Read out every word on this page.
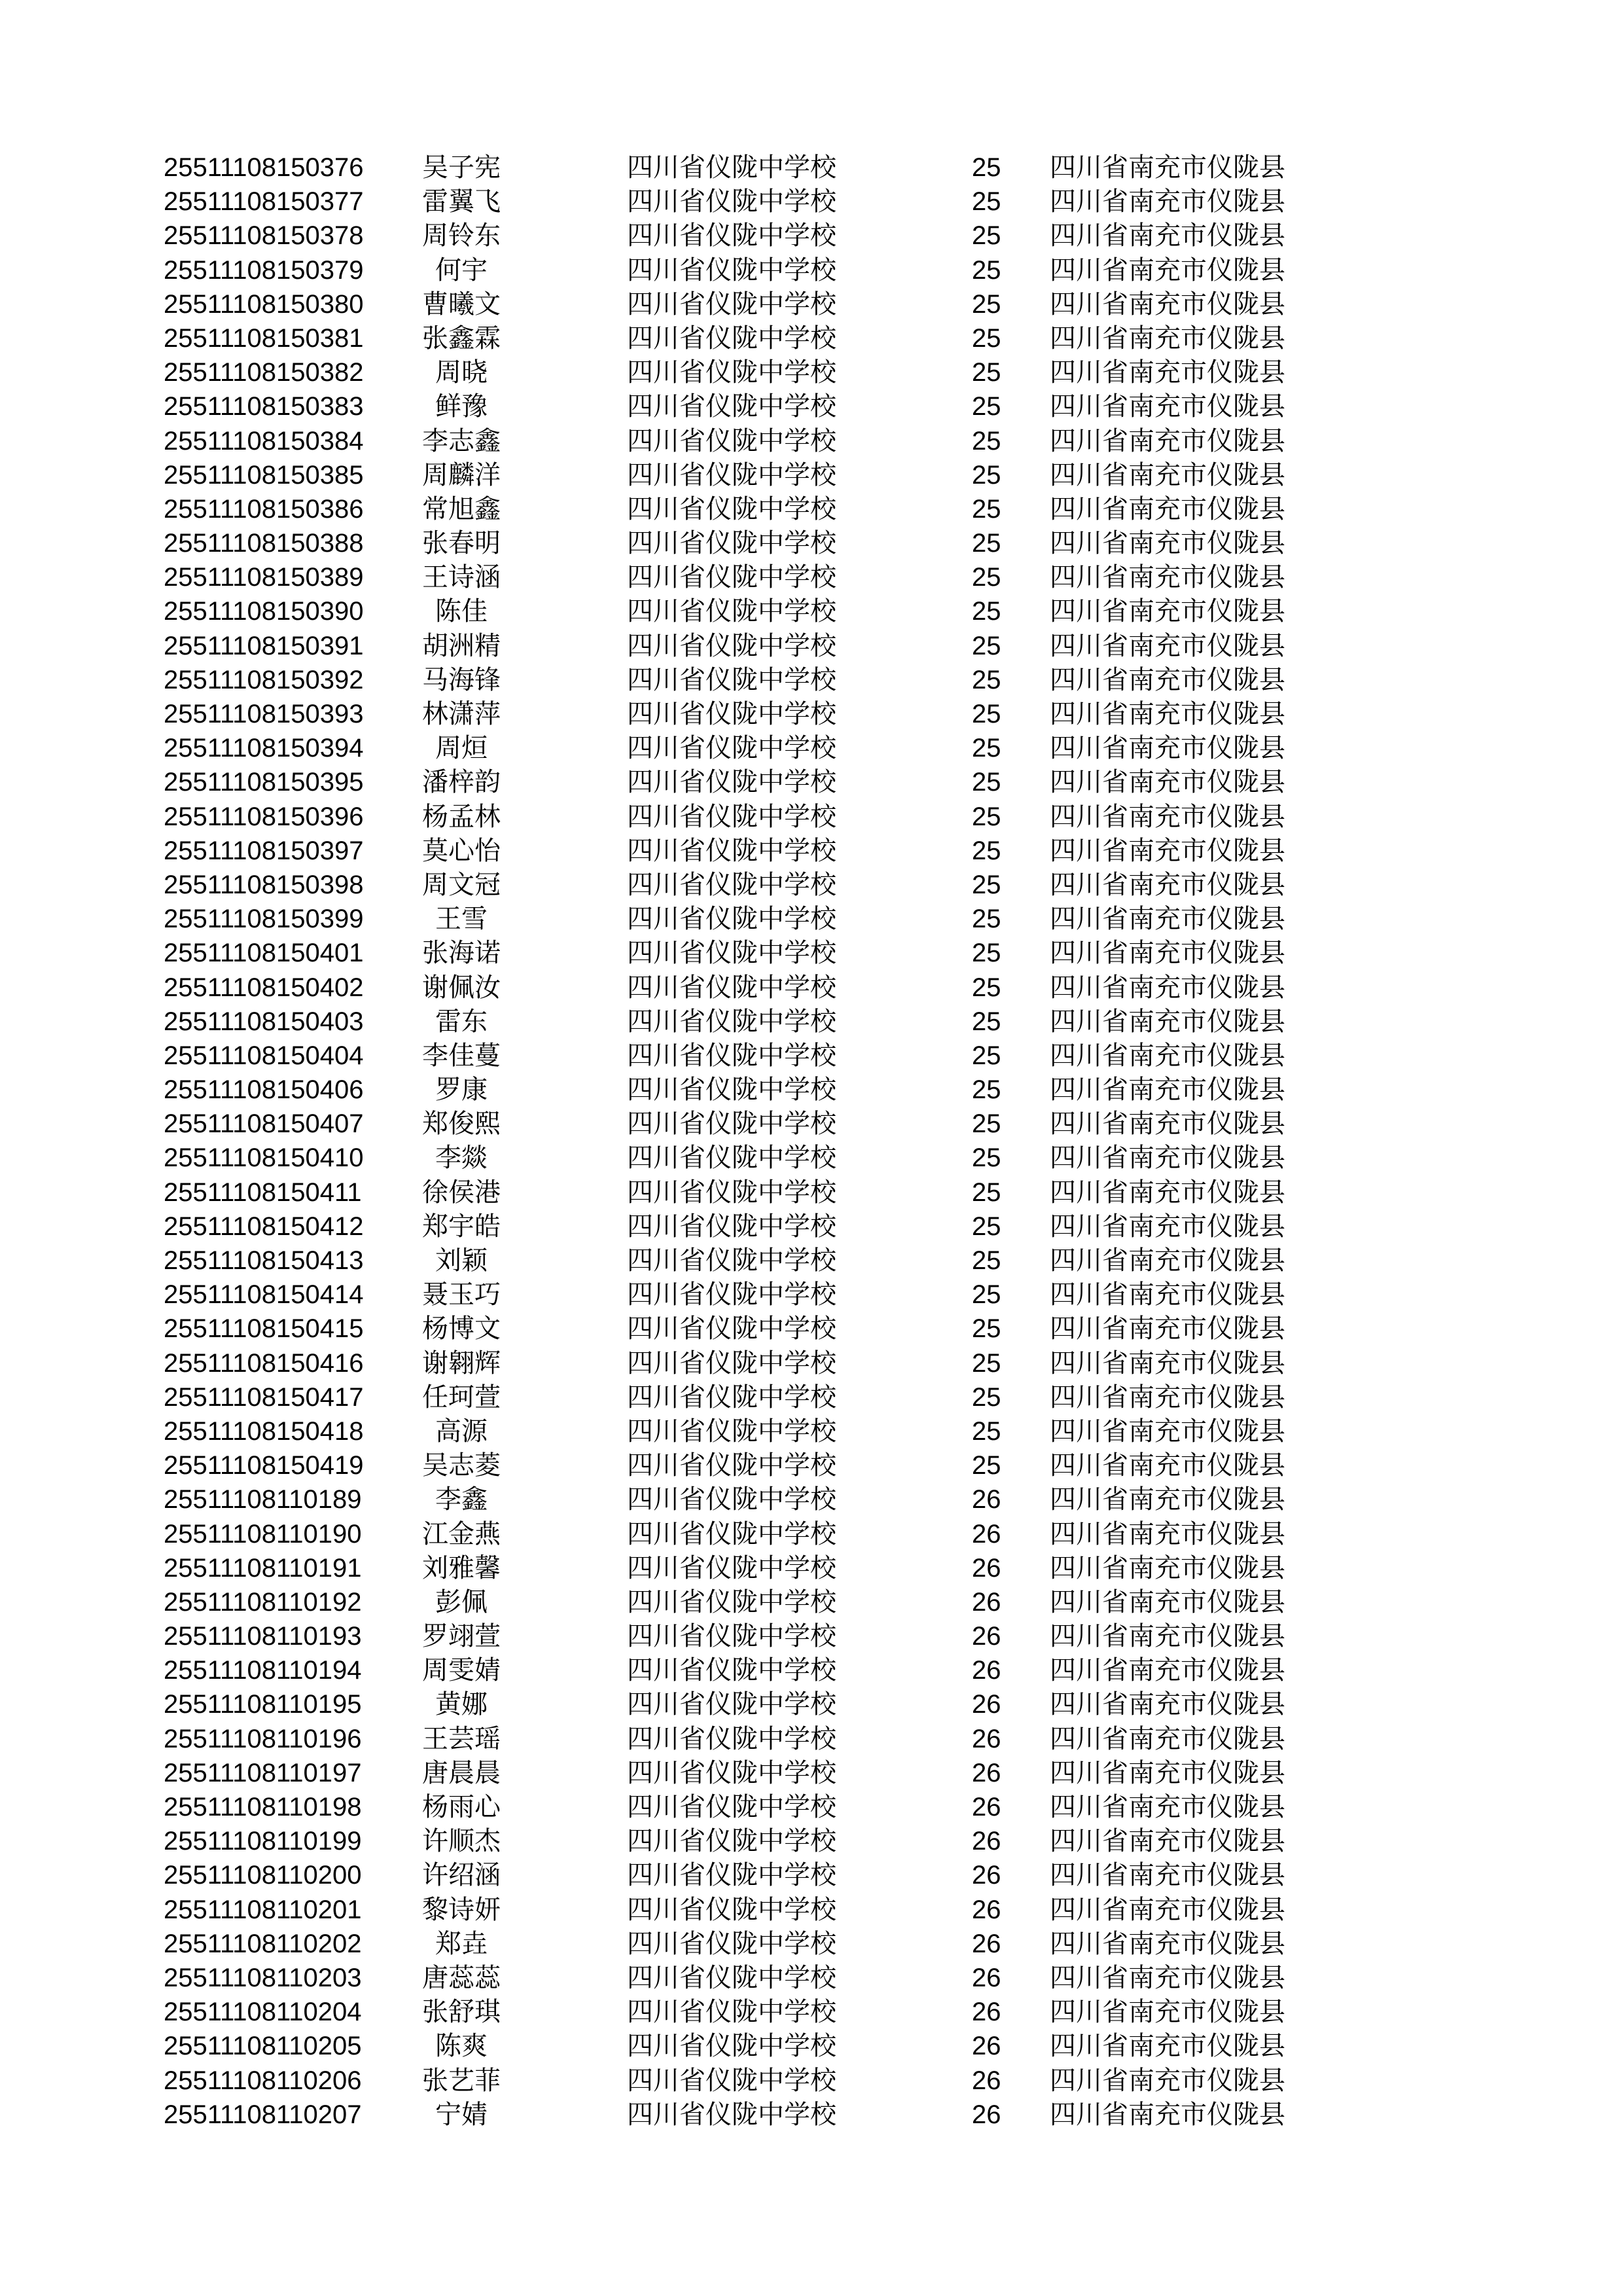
25511108150376 吴子宪	四川省仪陇中学校	25 四川省南充市仪陇县
25511108150377 雷翼飞	四川省仪陇中学校	25 四川省南充市仪陇县
25511108150378 周铃东	四川省仪陇中学校	25 四川省南充市仪陇县
25511108150379	何宇	四川省仪陇中学校	25 四川省南充市仪陇县
25511108150380 曹曦文	四川省仪陇中学校	25 四川省南充市仪陇县
25511108150381 张鑫霖	四川省仪陇中学校	25 四川省南充市仪陇县
25511108150382	周晓	四川省仪陇中学校	25 四川省南充市仪陇县
25511108150383	鲜豫	四川省仪陇中学校	25 四川省南充市仪陇县
25511108150384 李志鑫	四川省仪陇中学校	25 四川省南充市仪陇县
25511108150385 周麟洋	四川省仪陇中学校	25 四川省南充市仪陇县
25511108150386 常旭鑫	四川省仪陇中学校	25 四川省南充市仪陇县
25511108150388 张春明	四川省仪陇中学校	25 四川省南充市仪陇县
25511108150389 王诗涵	四川省仪陇中学校	25 四川省南充市仪陇县
25511108150390	陈佳	四川省仪陇中学校	25 四川省南充市仪陇县
25511108150391 胡洲精	四川省仪陇中学校	25 四川省南充市仪陇县
25511108150392 马海锋	四川省仪陇中学校	25 四川省南充市仪陇县
25511108150393 林潇萍	四川省仪陇中学校	25 四川省南充市仪陇县
25511108150394	周烜	四川省仪陇中学校	25 四川省南充市仪陇县
25511108150395 潘梓韵	四川省仪陇中学校	25 四川省南充市仪陇县
25511108150396 杨孟林	四川省仪陇中学校	25 四川省南充市仪陇县
25511108150397 莫心怡	四川省仪陇中学校	25 四川省南充市仪陇县
25511108150398 周文冠	四川省仪陇中学校	25 四川省南充市仪陇县
25511108150399	王雪	四川省仪陇中学校	25 四川省南充市仪陇县
25511108150401 张海诺	四川省仪陇中学校	25 四川省南充市仪陇县
25511108150402 谢佩汝	四川省仪陇中学校	25 四川省南充市仪陇县
25511108150403	雷东	四川省仪陇中学校	25 四川省南充市仪陇县
25511108150404 李佳蔓	四川省仪陇中学校	25 四川省南充市仪陇县
25511108150406	罗康	四川省仪陇中学校	25 四川省南充市仪陇县
25511108150407 郑俊熙	四川省仪陇中学校	25 四川省南充市仪陇县
25511108150410	李燚	四川省仪陇中学校	25 四川省南充市仪陇县
25511108150411 徐侯港	四川省仪陇中学校	25 四川省南充市仪陇县
25511108150412 郑宇皓	四川省仪陇中学校	25 四川省南充市仪陇县
25511108150413	刘颖	四川省仪陇中学校	25 四川省南充市仪陇县
25511108150414 聂玉巧	四川省仪陇中学校	25 四川省南充市仪陇县
25511108150415 杨博文	四川省仪陇中学校	25 四川省南充市仪陇县
25511108150416 谢翱辉	四川省仪陇中学校	25 四川省南充市仪陇县
25511108150417 任珂萱	四川省仪陇中学校	25 四川省南充市仪陇县
25511108150418	高源	四川省仪陇中学校	25 四川省南充市仪陇县
25511108150419 吴志菱	四川省仪陇中学校	25 四川省南充市仪陇县
25511108110189	李鑫	四川省仪陇中学校	26 四川省南充市仪陇县
25511108110190 江金燕	四川省仪陇中学校	26 四川省南充市仪陇县
25511108110191 刘雅馨	四川省仪陇中学校	26 四川省南充市仪陇县
25511108110192	彭佩	四川省仪陇中学校	26 四川省南充市仪陇县
25511108110193 罗翊萱	四川省仪陇中学校	26 四川省南充市仪陇县
25511108110194 周雯婧	四川省仪陇中学校	26 四川省南充市仪陇县
25511108110195	黄娜	四川省仪陇中学校	26 四川省南充市仪陇县
25511108110196 王芸瑶	四川省仪陇中学校	26 四川省南充市仪陇县
25511108110197 唐晨晨	四川省仪陇中学校	26 四川省南充市仪陇县
25511108110198 杨雨心	四川省仪陇中学校	26 四川省南充市仪陇县
25511108110199 许顺杰	四川省仪陇中学校	26 四川省南充市仪陇县
25511108110200 许绍涵	四川省仪陇中学校	26 四川省南充市仪陇县
25511108110201 黎诗妍	四川省仪陇中学校	26 四川省南充市仪陇县
25511108110202	郑垚	四川省仪陇中学校	26 四川省南充市仪陇县
25511108110203 唐蕊蕊	四川省仪陇中学校	26 四川省南充市仪陇县
25511108110204 张舒琪	四川省仪陇中学校	26 四川省南充市仪陇县
25511108110205	陈爽	四川省仪陇中学校	26 四川省南充市仪陇县
25511108110206 张艺菲	四川省仪陇中学校	26 四川省南充市仪陇县
25511108110207	宁婧	四川省仪陇中学校	26 四川省南充市仪陇县
